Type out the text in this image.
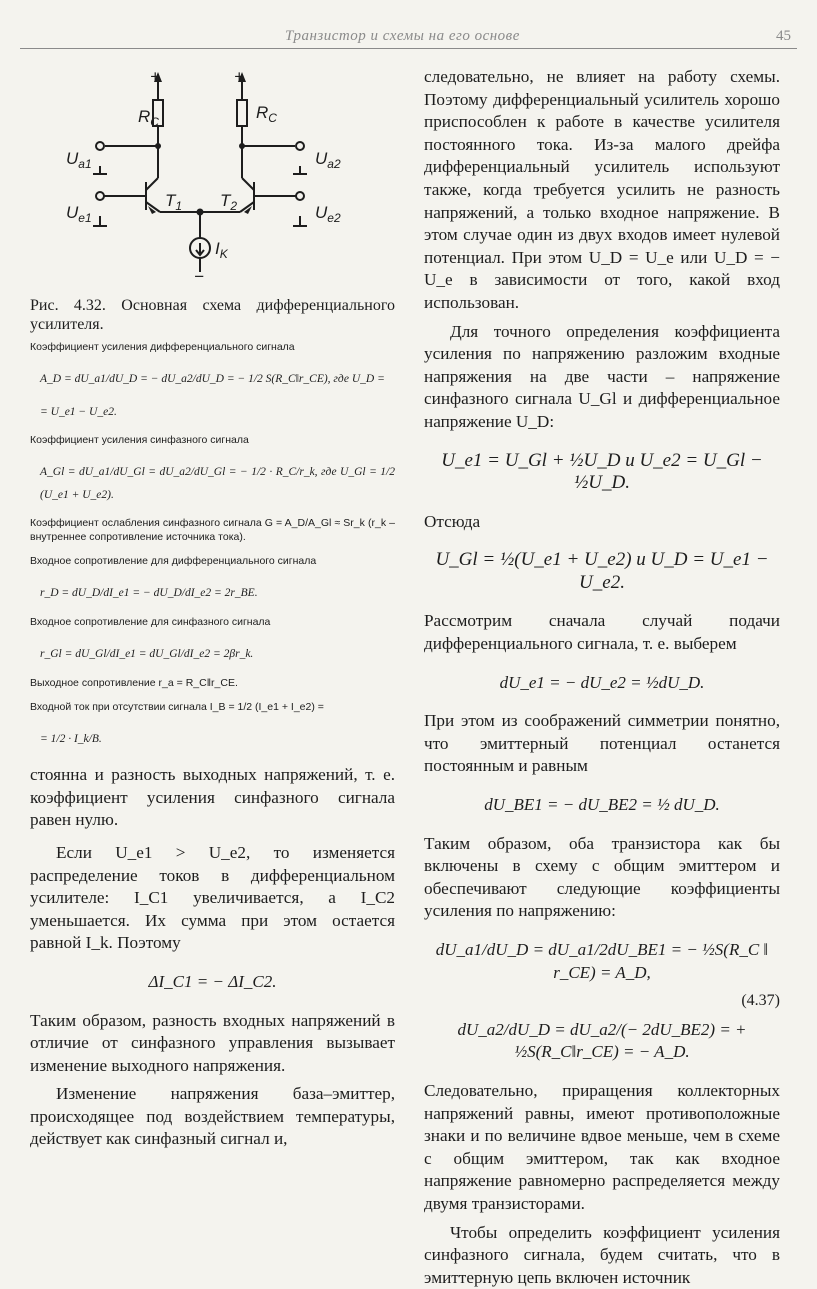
Транзистор и схемы на его основе	45
+	+
−
$R_C$	$R_C$
$U_{a1}$	$U_{a2}$
$U_{e1}$	$U_{e2}$
$T_1$ $T_2$
$I_K$

Рис. 4.32. Основная схема дифференциального усилителя.

Коэффициент усиления дифференциального сигнала

A_D = dU_a1/dU_D = − dU_a2/dU_D = − 1/2 S(R_C‖r_CE), где U_D =

= U_e1 − U_e2.

Коэффициент усиления синфазного сигнала

A_Gl = dU_a1/dU_Gl = dU_a2/dU_Gl = − 1/2 · R_C/r_k, где U_Gl = 1/2 (U_e1 + U_e2).

Коэффициент ослабления синфазного сигнала G = A_D/A_Gl ≈ Sr_k (r_k – внутреннее сопротивление источника тока).

Входное сопротивление для дифференциального сигнала

r_D = dU_D/dI_e1 = − dU_D/dI_e2 = 2r_BE.

Входное сопротивление для синфазного сигнала

r_Gl = dU_Gl/dI_e1 = dU_Gl/dI_e2 = 2βr_k.

Выходное сопротивление r_a = R_C‖r_CE.

Входной ток при отсутствии сигнала I_B = 1/2 (I_e1 + I_e2) =

= 1/2 · I_k/B.

стоянна и разность выходных напряжений, т. е. коэффициент усиления синфазного сигнала равен нулю.

Если U_e1 > U_e2, то изменяется распределение токов в дифференциальном усилителе: I_C1 увеличивается, а I_C2 уменьшается. Их сумма при этом остается равной I_k. Поэтому

ΔI_C1 = − ΔI_C2.

Таким образом, разность входных напряжений в отличие от синфазного управления вызывает изменение выходного напряжения.

Изменение напряжения база–эмиттер, происходящее под воздействием температуры, действует как синфазный сигнал и,

следовательно, не влияет на работу схемы. Поэтому дифференциальный усилитель хорошо приспособлен к работе в качестве усилителя постоянного тока. Из-за малого дрейфа дифференциальный усилитель используют также, когда требуется усилить не разность напряжений, а только входное напряжение. В этом случае один из двух входов имеет нулевой потенциал. При этом U_D = U_e или U_D = − U_e в зависимости от того, какой вход использован.

Для точного определения коэффициента усиления по напряжению разложим входные напряжения на две части – напряжение синфазного сигнала U_Gl и дифференциальное напряжение U_D:

U_e1 = U_Gl + ½U_D и U_e2 = U_Gl − ½U_D.

Отсюда

U_Gl = ½(U_e1 + U_e2) и U_D = U_e1 − U_e2.

Рассмотрим сначала случай подачи дифференциального сигнала, т. е. выберем

dU_e1 = − dU_e2 = ½dU_D.

При этом из соображений симметрии понятно, что эмиттерный потенциал останется постоянным и равным

dU_BE1 = − dU_BE2 = ½ dU_D.

Таким образом, оба транзистора как бы включены в схему с общим эмиттером и обеспечивают следующие коэффициенты усиления по напряжению:

dU_a1/dU_D = dU_a1/2dU_BE1 = − ½S(R_C ‖ r_CE) = A_D,

(4.37)

dU_a2/dU_D = dU_a2/(− 2dU_BE2) = + ½S(R_C‖r_CE) = − A_D.

Следовательно, приращения коллекторных напряжений равны, имеют противоположные знаки и по величине вдвое меньше, чем в схеме с общим эмиттером, так как входное напряжение равномерно распределяется между двумя транзисторами.

Чтобы определить коэффициент усиления синфазного сигнала, будем считать, что в эмиттерную цепь включен источник
